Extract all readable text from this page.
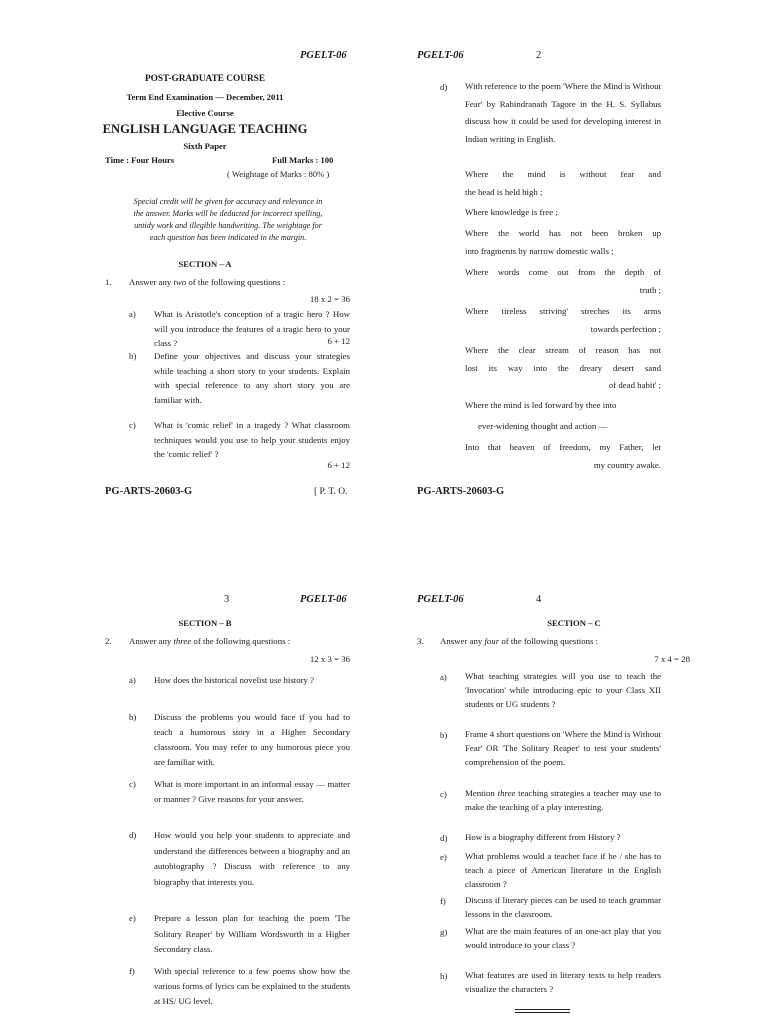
PGELT-06
POST-GRADUATE COURSE
Term End Examination — December, 2011
Elective Course
ENGLISH LANGUAGE TEACHING
Sixth Paper
Time : Four Hours	Full Marks : 100
( Weightage of Marks : 80% )
Special credit will be given for accuracy and relevance in
the answer. Marks will be deducted for incorrect spelling,
untidy work and illegible handwriting. The weightage for
each question has been indicated in the margin.
SECTION – A
1. Answer any two of the following questions :
18 x 2 = 36
a) What is Aristotle's conception of a tragic hero ? How will you introduce the features of a tragic hero to your class ?	6 + 12
b) Define your objectives and discuss your strategies while teaching a short story to your students. Explain with special reference to any short story you are familiar with.
c) What is 'comic relief' in a tragedy ? What classroom techniques would you use to help your students enjoy the 'comic relief' ?
6 + 12
PG-ARTS-20603-G	[ P. T. O.
PGELT-06	2
d) With reference to the poem 'Where the Mind is Without Fear' by Rabindranath Tagore in the H. S. Syllabus discuss how it could be used for developing interest in Indian writing in English.
Where the mind is without fear and
the head is held high ;
Where knowledge is free ;
Where the world has not been broken up
into fragments by narrow domestic walls ;
Where words come out from the depth of
truth ;
Where tireless striving' streches its arms
towards perfection ;
Where the clear stream of reason has not
lost its way into the dreary desert sand
of dead habit' ;
Where the mind is led forward by thee into
ever-widening thought and action —
Into that heaven of freedom, my Father, let
my country awake.
PG-ARTS-20603-G
3	PGELT-06
SECTION – B
2. Answer any three of the following questions :
12 x 3 = 36
a) How does the historical novelist use history ?
b) Discuss the problems you would face if you had to teach a humorous story in a Higher Secondary classroom. You may refer to any humorous piece you are familiar with.
c) What is more important in an informal essay — matter or manner ? Give reasons for your answer.
d) How would you help your students to appreciate and understand the differences between a biography and an autobiography ? Discuss with reference to any biography that interests you.
e) Prepare a lesson plan for teaching the poem 'The Solitary Reaper' by William Wordsworth in a Higher Secondary class.
f) With special reference to a few poems show how the various forms of lyrics can be explained to the students at HS/ UG level.
PGELT-06	4
SECTION – C
3. Answer any four of the following questions :
7 x 4 = 28
a) What teaching strategies will you use to teach the 'Invocation' while introducing epic to your Class XII students or UG students ?
b) Frame 4 short questions on 'Where the Mind is Without Fear' OR 'The Solitary Reaper' to test your students' comprehension of the poem.
c) Mention three teaching strategies a teacher may use to make the teaching of a play interesting.
d) How is a biography different from History ?
e) What problems would a teacher face if he / she has to teach a piece of American literature in the English classroom ?
f) Discuss if literary pieces can be used to teach grammar lessons in the classroom.
g) What are the main features of an one-act play that you would introduce to your class ?
h) What features are used in literary texts to help readers visualize the characters ?
